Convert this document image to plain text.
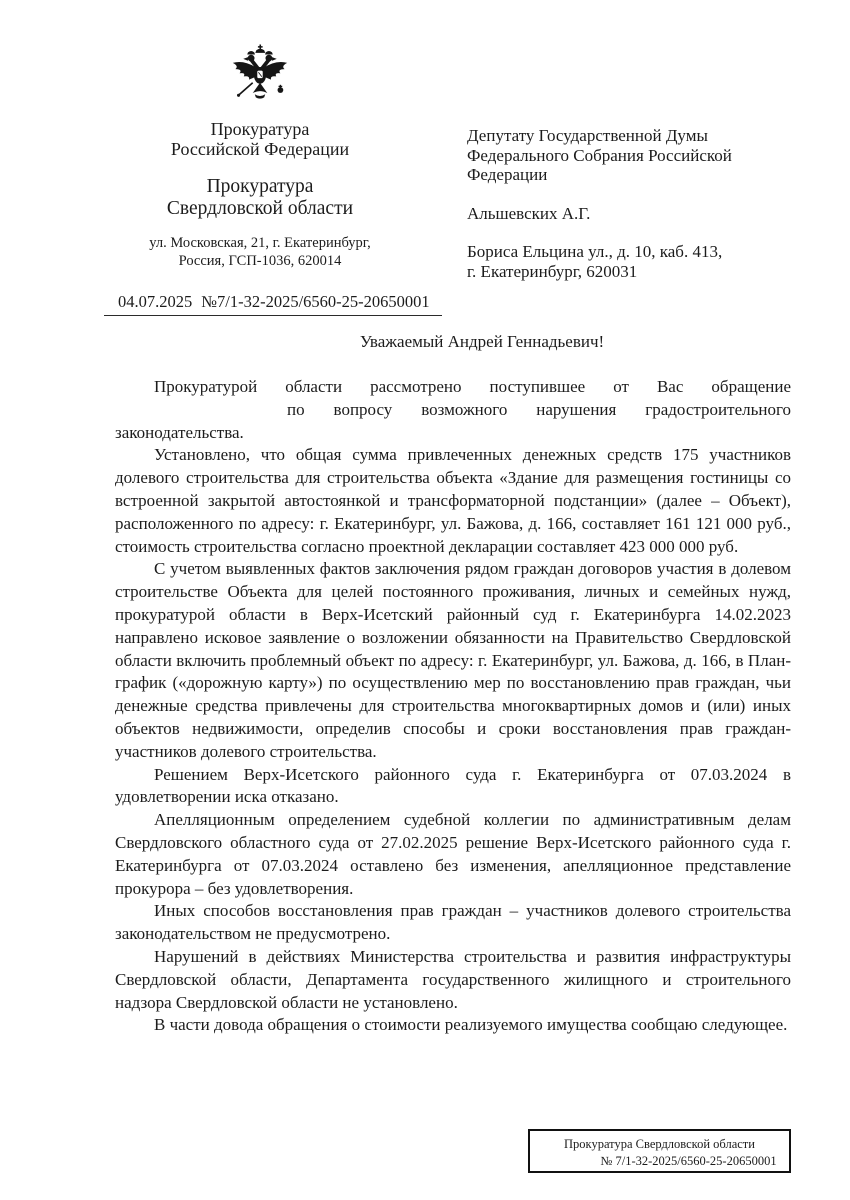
Прокуратура
Российской Федерации
Прокуратура
Свердловской области
ул. Московская, 21, г. Екатеринбург,
Россия, ГСП-1036, 620014
Депутату Государственной Думы
Федерального Собрания Российской
Федерации
Альшевских А.Г.
Бориса Ельцина ул., д. 10, каб. 413,
г. Екатеринбург, 620031
04.07.2025 №7/1-32-2025/6560-25-20650001
Уважаемый Андрей Геннадьевич!
Прокуратурой области рассмотрено поступившее от Вас обращение
по вопросу возможного нарушения градостроительного
законодательства.

Установлено, что общая сумма привлеченных денежных средств 175 участников долевого строительства для строительства объекта «Здание для размещения гостиницы со встроенной закрытой автостоянкой и трансформаторной подстанции» (далее – Объект), расположенного по адресу: г. Екатеринбург, ул. Бажова, д. 166, составляет 161 121 000 руб., стоимость строительства согласно проектной декларации составляет 423 000 000 руб.

С учетом выявленных фактов заключения рядом граждан договоров участия в долевом строительстве Объекта для целей постоянного проживания, личных и семейных нужд, прокуратурой области в Верх-Исетский районный суд г. Екатеринбурга 14.02.2023 направлено исковое заявление о возложении обязанности на Правительство Свердловской области включить проблемный объект по адресу: г. Екатеринбург, ул. Бажова, д. 166, в План-график («дорожную карту») по осуществлению мер по восстановлению прав граждан, чьи денежные средства привлечены для строительства многоквартирных домов и (или) иных объектов недвижимости, определив способы и сроки восстановления прав граждан-участников долевого строительства.

Решением Верх-Исетского районного суда г. Екатеринбурга от 07.03.2024 в удовлетворении иска отказано.

Апелляционным определением судебной коллегии по административным делам Свердловского областного суда от 27.02.2025 решение Верх-Исетского районного суда г. Екатеринбурга от 07.03.2024 оставлено без изменения, апелляционное представление прокурора – без удовлетворения.

Иных способов восстановления прав граждан – участников долевого строительства законодательством не предусмотрено.

Нарушений в действиях Министерства строительства и развития инфраструктуры Свердловской области, Департамента государственного жилищного и строительного надзора Свердловской области не установлено.

В части довода обращения о стоимости реализуемого имущества сообщаю следующее.

Прокуратура Свердловской области
№ 7/1-32-2025/6560-25-20650001
